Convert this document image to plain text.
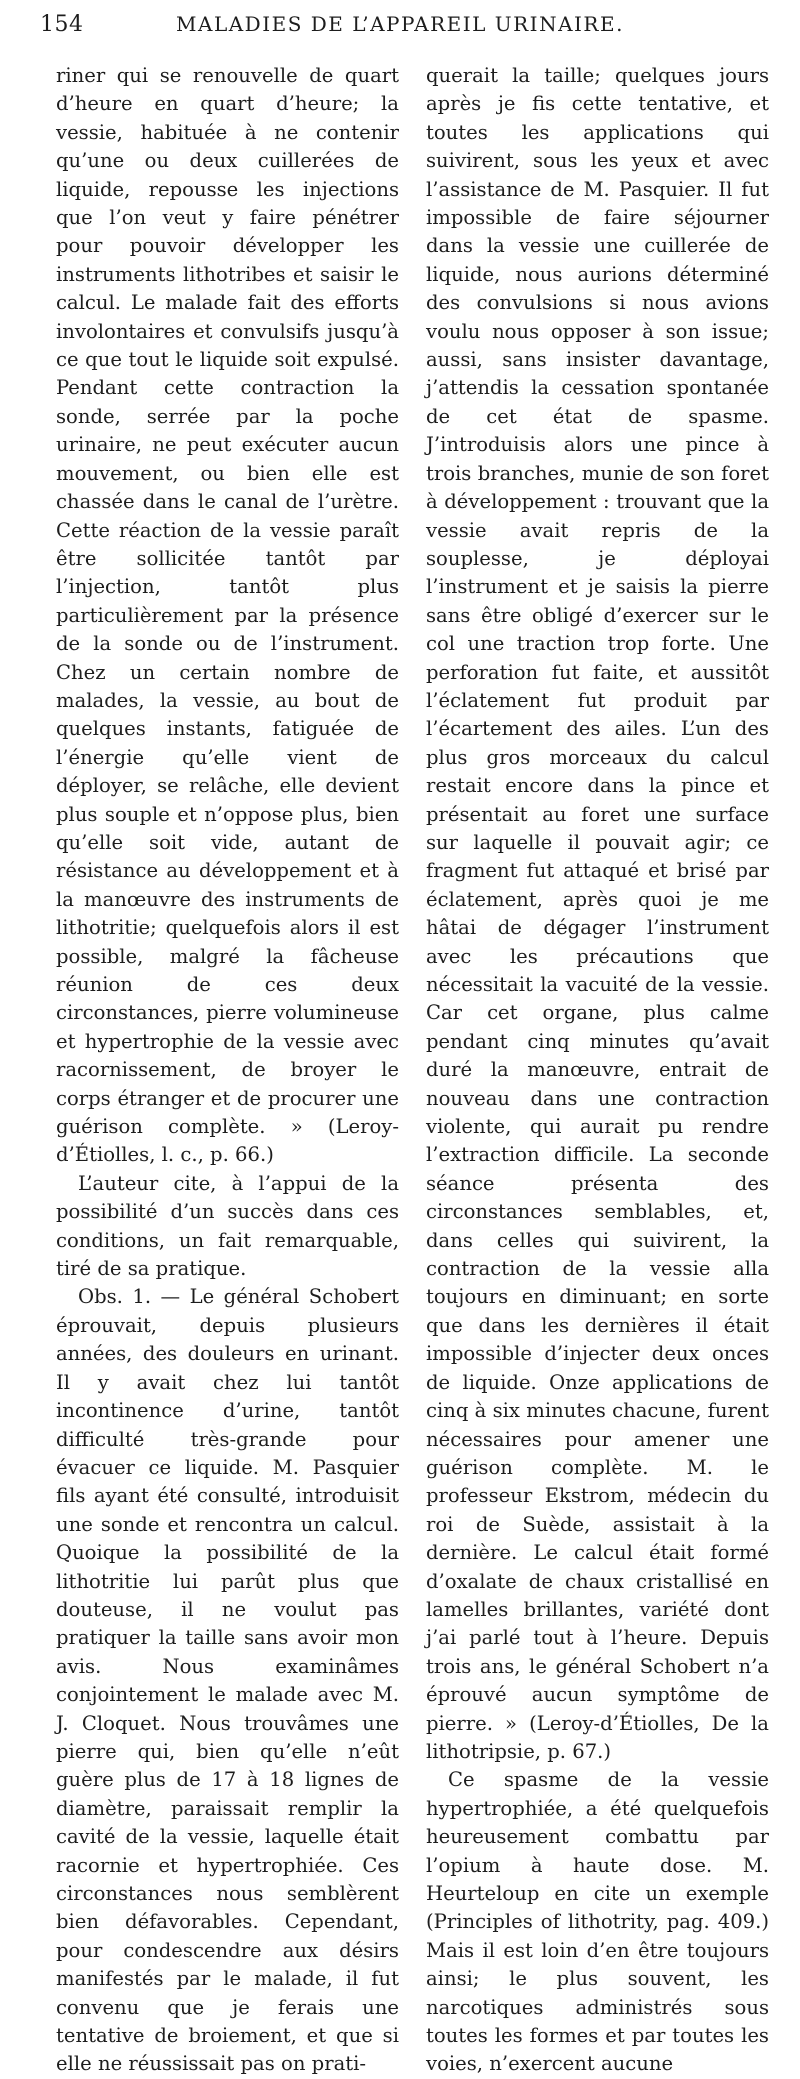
154	MALADIES DE L’APPAREIL URINAIRE.

riner qui se renouvelle de quart d’heure en quart d’heure; la vessie, habituée à ne contenir qu’une ou deux cuillerées de liquide, repousse les injections que l’on veut y faire pénétrer pour pouvoir développer les instruments lithotribes et saisir le calcul. Le malade fait des efforts involontaires et convulsifs jusqu’à ce que tout le liquide soit expulsé. Pendant cette contraction la sonde, serrée par la poche urinaire, ne peut exécuter aucun mouvement, ou bien elle est chassée dans le canal de l’urètre. Cette réaction de la vessie paraît être sollicitée tantôt par l’injection, tantôt plus particulièrement par la présence de la sonde ou de l’instrument. Chez un certain nombre de malades, la vessie, au bout de quelques instants, fatiguée de l’énergie qu’elle vient de déployer, se relâche, elle devient plus souple et n’oppose plus, bien qu’elle soit vide, autant de résistance au développement et à la manœuvre des instruments de lithotritie; quelquefois alors il est possible, malgré la fâcheuse réunion de ces deux circonstances, pierre volumineuse et hypertrophie de la vessie avec racornissement, de broyer le corps étranger et de procurer une guérison complète. » (Leroy-d’Étiolles, l. c., p. 66.)

L’auteur cite, à l’appui de la possibilité d’un succès dans ces conditions, un fait remarquable, tiré de sa pratique.

Obs. 1. — Le général Schobert éprouvait, depuis plusieurs années, des douleurs en urinant. Il y avait chez lui tantôt incontinence d’urine, tantôt difficulté très-grande pour évacuer ce liquide. M. Pasquier fils ayant été consulté, introduisit une sonde et rencontra un calcul. Quoique la possibilité de la lithotritie lui parût plus que douteuse, il ne voulut pas pratiquer la taille sans avoir mon avis. Nous examinâmes conjointement le malade avec M. J. Cloquet. Nous trouvâmes une pierre qui, bien qu’elle n’eût guère plus de 17 à 18 lignes de diamètre, paraissait remplir la cavité de la vessie, laquelle était racornie et hypertrophiée. Ces circonstances nous semblèrent bien défavorables. Cependant, pour condescendre aux désirs manifestés par le malade, il fut convenu que je ferais une tentative de broiement, et que si elle ne réussissait pas on prati-

querait la taille; quelques jours après je fis cette tentative, et toutes les applications qui suivirent, sous les yeux et avec l’assistance de M. Pasquier. Il fut impossible de faire séjourner dans la vessie une cuillerée de liquide, nous aurions déterminé des convulsions si nous avions voulu nous opposer à son issue; aussi, sans insister davantage, j’attendis la cessation spontanée de cet état de spasme. J’introduisis alors une pince à trois branches, munie de son foret à développement : trouvant que la vessie avait repris de la souplesse, je déployai l’instrument et je saisis la pierre sans être obligé d’exercer sur le col une traction trop forte. Une perforation fut faite, et aussitôt l’éclatement fut produit par l’écartement des ailes. L’un des plus gros morceaux du calcul restait encore dans la pince et présentait au foret une surface sur laquelle il pouvait agir; ce fragment fut attaqué et brisé par éclatement, après quoi je me hâtai de dégager l’instrument avec les précautions que nécessitait la vacuité de la vessie. Car cet organe, plus calme pendant cinq minutes qu’avait duré la manœuvre, entrait de nouveau dans une contraction violente, qui aurait pu rendre l’extraction difficile. La seconde séance présenta des circonstances semblables, et, dans celles qui suivirent, la contraction de la vessie alla toujours en diminuant; en sorte que dans les dernières il était impossible d’injecter deux onces de liquide. Onze applications de cinq à six minutes chacune, furent nécessaires pour amener une guérison complète. M. le professeur Ekstrom, médecin du roi de Suède, assistait à la dernière. Le calcul était formé d’oxalate de chaux cristallisé en lamelles brillantes, variété dont j’ai parlé tout à l’heure. Depuis trois ans, le général Schobert n’a éprouvé aucun symptôme de pierre. » (Leroy-d’Étiolles, De la lithotripsie, p. 67.)

Ce spasme de la vessie hypertrophiée, a été quelquefois heureusement combattu par l’opium à haute dose. M. Heurteloup en cite un exemple (Principles of lithotrity, pag. 409.) Mais il est loin d’en être toujours ainsi; le plus souvent, les narcotiques administrés sous toutes les formes et par toutes les voies, n’exercent aucune
